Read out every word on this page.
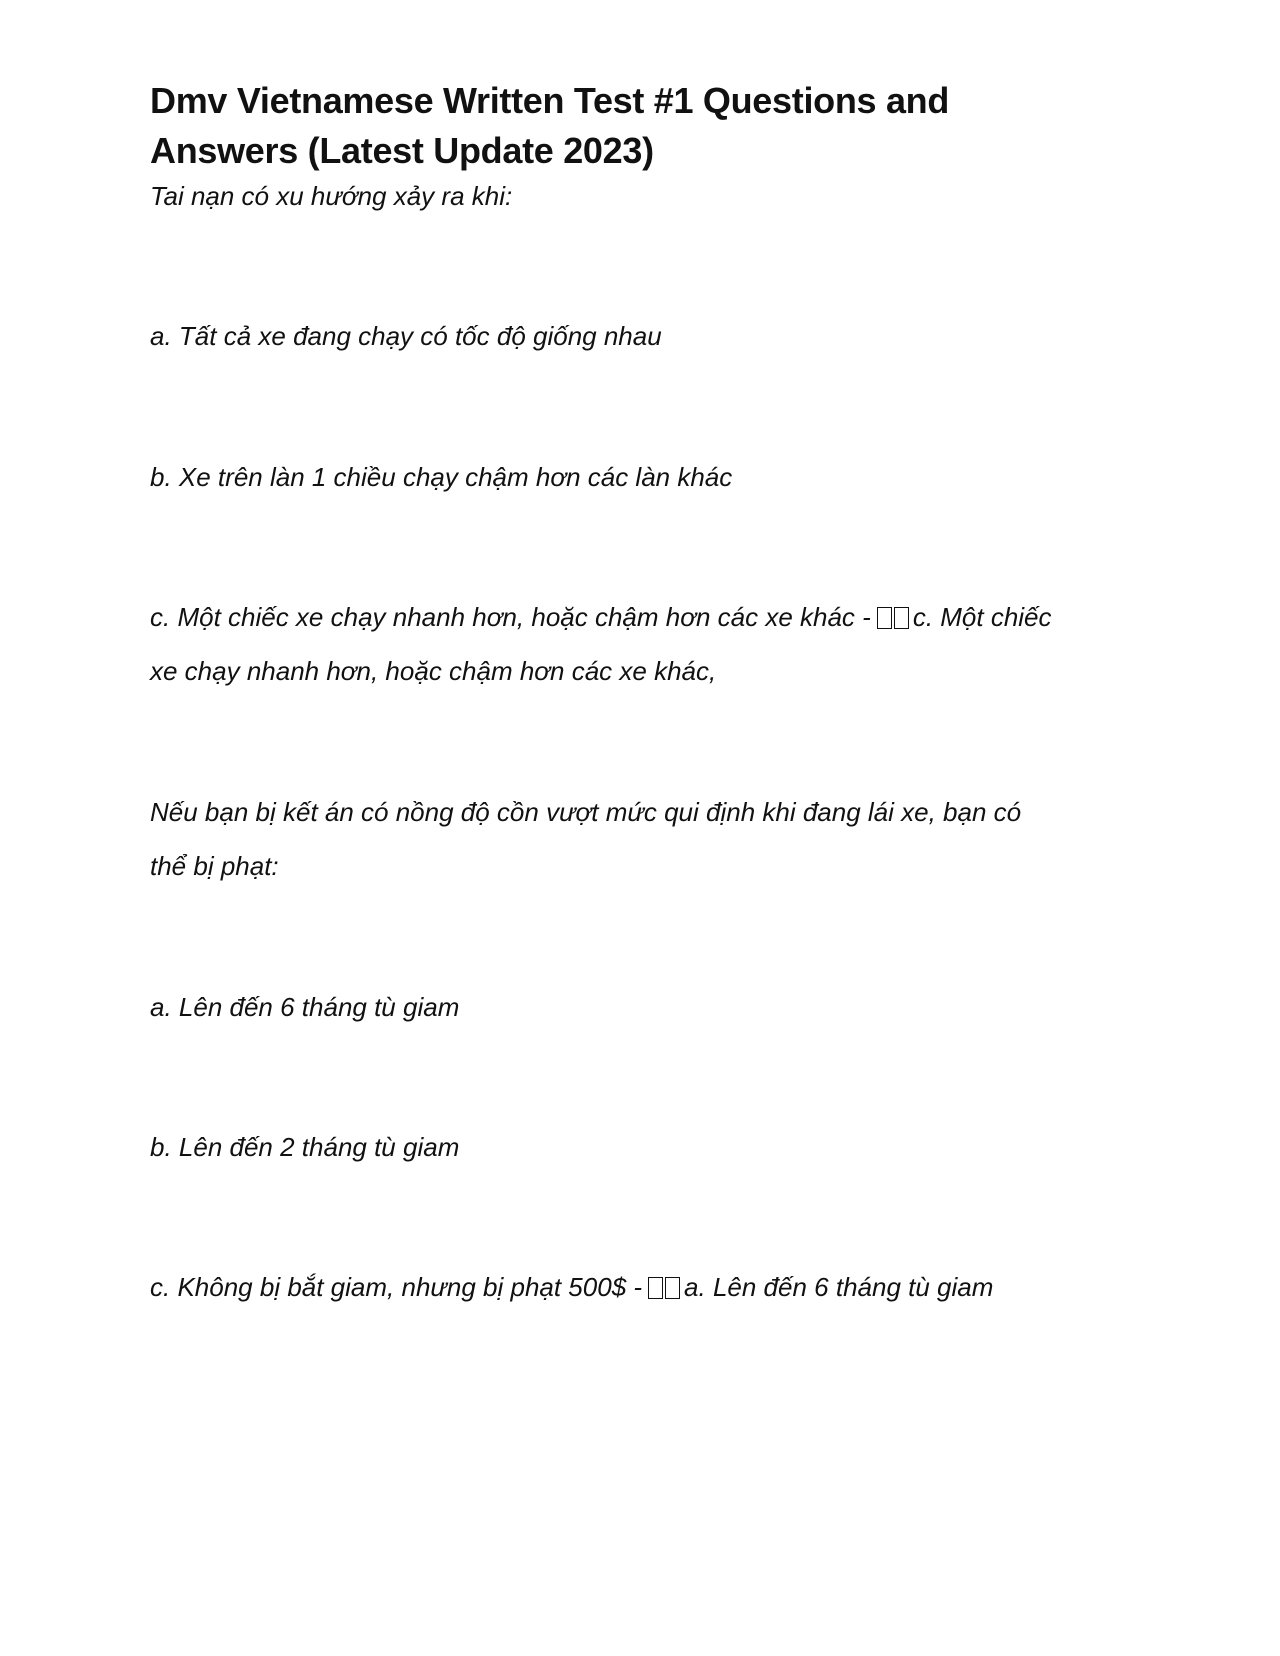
Dmv Vietnamese Written Test #1 Questions and Answers (Latest Update 2023)

Tai nạn có xu hướng xảy ra khi:

a. Tất cả xe đang chạy có tốc độ giống nhau

b. Xe trên làn 1 chiều chạy chậm hơn các làn khác

c. Một chiếc xe chạy nhanh hơn, hoặc chậm hơn các xe khác - c. Một chiếc

xe chạy nhanh hơn, hoặc chậm hơn các xe khác,

Nếu bạn bị kết án có nồng độ cồn vượt mức qui định khi đang lái xe, bạn có

thể bị phạt:

a. Lên đến 6 tháng tù giam

b. Lên đến 2 tháng tù giam

c. Không bị bắt giam, nhưng bị phạt 500$ - a. Lên đến 6 tháng tù giam
